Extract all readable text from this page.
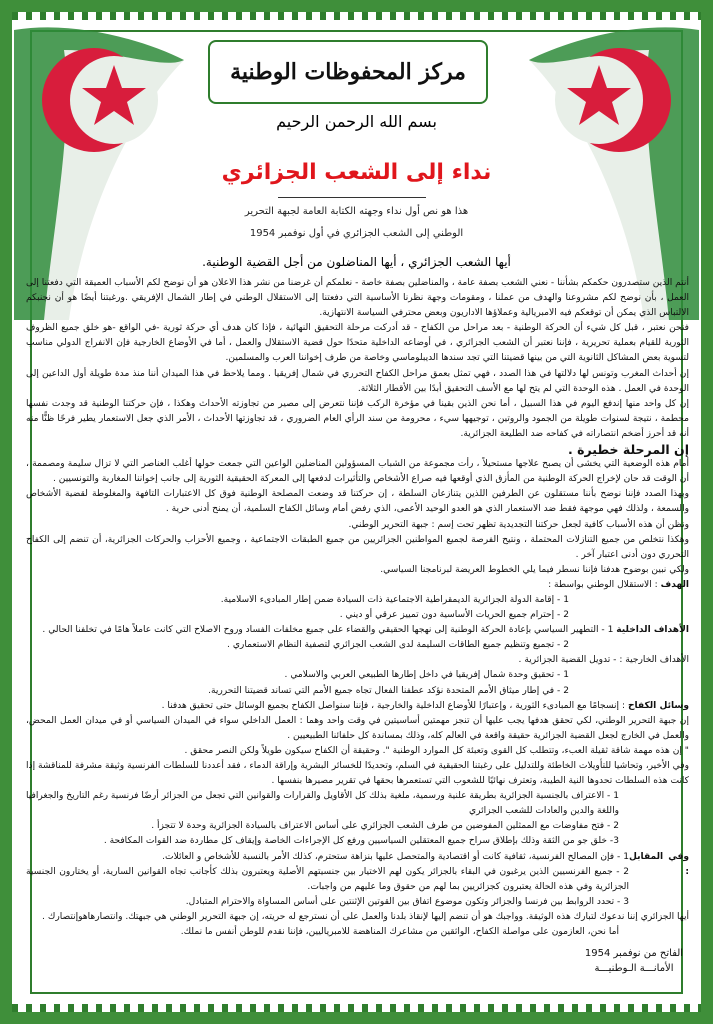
مركز المحفوظات الوطنية
بسم الله الرحمن الرحيم
نداء إلى الشعب الجزائري
هذا هو نص أول نداء وجهته الكتابة العامة لجبهة التحرير
الوطني إلى الشعب الجزائري في أول نوفمبر 1954
أيها الشعب الجزائري ، أيها المناضلون من أجل القضية الوطنية.

أنتم الذين ستصدرون حكمكم بشأننا - نعني الشعب بصفة عامة ، والمناضلين بصفة خاصة - نعلمكم أن غرضنا من نشر هذا الاعلان هو أن نوضح لكم الأسباب العميقة التي دفعتنا إلى العمل ، بأن نوضح لكم مشروعنا والهدف من عملنا ، ومقومات وجهة نظرنا الأساسية التي دفعتنا إلى الاستقلال الوطني في إطار الشمال الإفريقي .ورغبتنا أيضًا هو أن نجنبكم الالتباس الذي يمكن أن توقعكم فيه الامبريالية وعملاؤها الاداريون وبعض محترفي السياسة الانتهازية.

فنحن نعتبر ، قبل كل شيء أن الحركة الوطنية - بعد مراحل من الكفاح - قد أدركت مرحلة التحقيق النهائية ، فإذا كان هدف أي حركة ثورية -في الواقع -هو خلق جميع الظروف الثورية للقيام بعملية تحريرية ، فإننا نعتبر أن الشعب الجزائري ، في أوضاعه الداخلية متحدًا حول قضية الاستقلال والعمل ، أما في الأوضاع الخارجية فإن الانفراج الدولي مناسب لتسوية بعض المشاكل الثانوية التي من بينها قضيتنا التي تجد سندها الديبلوماسي وخاصة من طرف إخواننا العرب والمسلمين.

إن أحداث المغرب وتونس لها دلالتها في هذا الصدد ، فهي تمثل بعمق مراحل الكفاح التحرري في شمال إفريقيا . ومما يلاحظ في هذا الميدان أننا منذ مدة طويلة أول الداعين إلى الوحدة في العمل . هذه الوحدة التي لم يتح لها مع الأسف التحقيق أبدًا بين الأقطار الثلاثة.

إن كل واحد منها إندفع اليوم في هذا السبيل ، أما نحن الذين بقينا في مؤخرة الركب فإننا نتعرض إلى مصير من تجاوزته الأحداث وهكذا ، فإن حركتنا الوطنية قد وجدت نفسها محطمة ، نتيجة لسنوات طويلة من الجمود والروتين ، توجيهها سيء ، محرومة من سند الرأي العام الضروري ، قد تجاوزتها الأحداث ، الأمر الذي جعل الاستعمار يطير فرحًا ظنًّا منه أنه قد أحرز أضخم انتصاراته في كفاحه ضد الطليعة الجزائرية.

إن المرحلة خطيرة .

أمام هذه الوضعية التي يخشى أن يصبح علاجها مستحيلاً ، رأت مجموعة من الشباب المسؤولين المناضلين الواعين التي جمعت حولها أغلب العناصر التي لا تزال سليمة ومصممة ، أن الوقت قد حان لإخراج الحركة الوطنية من المأزق الذي أوقعها فيه صراع الأشخاص والتأثيرات لدفعها إلى المعركة الحقيقية الثورية إلى جانب إخواننا المغاربة والتونسيين .

وبهذا الصدد فإننا نوضح بأننا مستقلون عن الطرفين اللذين يتنازعان السلطة ، إن حركتنا قد وضعت المصلحة الوطنية فوق كل الاعتبارات التافهة والمغلوطة لقضية الأشخاص والسمعة ، ولذلك فهي موجهة فقط ضد الاستعمار الذي هو العدو الوحيد الأعمى، الذي رفض أمام وسائل الكفاح السلمية، أن يمنح أدنى حرية .

ونظن أن هذه الأسباب كافية لجعل حركتنا التجديدية تظهر تحت إسم : جبهة التحرير الوطني.

وهكذا نتخلص من جميع التنازلات المحتملة ، ونتيح الفرصة لجميع المواطنين الجزائريين من جميع الطبقات الاجتماعية ، وجميع الأحزاب والحركات الجزائرية، أن تنضم إلى الكفاح التحرري دون أدنى اعتبار آخر .

ولكي نبين بوضوح هدفنا فإننا نسطر فيما يلي الخطوط العريضة لبرنامجنا السياسي.

الهدف : الاستقلال الوطني بواسطة :

1 - إقامة الدولة الجزائرية الديمقراطية الاجتماعية ذات السيادة ضمن إطار المبادىء الاسلامية.

2 - إحترام جميع الحريات الأساسية دون تمييز عرقي أو ديني .

الأهداف الداخلية 1 - التطهير السياسي بإعادة الحركة الوطنية إلى نهجها الحقيقي والقضاء على جميع مخلفات الفساد وروح الاصلاح التي كانت عاملاً هامًا في تخلفنا الحالي .

2 - تجميع وتنظيم جميع الطاقات السليمة لدى الشعب الجزائري لتصفية النظام الاستعماري .

الأهداف الخارجية : - تدويل القضية الجزائرية .

1 - تحقيق وحدة شمال إفريقيا في داخل إطارها الطبيعي العربي والاسلامي .

2 - في إطار ميثاق الأمم المتحدة نؤكد عطفنا الفعال تجاه جميع الأمم التي تساند قضيتنا التحررية.

وسائل الكفاح : إنسجامًا مع المبادىء الثورية ، وإعتبارًا للأوضاع الداخلية والخارجية ، فإننا سنواصل الكفاح بجميع الوسائل حتى تحقيق هدفنا .

إن جبهة التحرير الوطني، لكي تحقق هدفها يجب عليها أن تنجز مهمتين أساسيتين في وقت واحد وهما : العمل الداخلي سواء في الميدان السياسي أو في ميدان العمل المحض، والعمل في الخارج لجعل القضية الجزائرية حقيقة واقعة في العالم كله، وذلك بمساندة كل حلفائنا الطبيعيين .

" إن هذه مهمة شاقة ثقيلة العبء، وتتطلب كل القوى وتعبئة كل الموارد الوطنية ". وحقيقة أن الكفاح سيكون طويلاً ولكن النصر محقق .

وفي الأخير، وتحاشيا للتأويلات الخاطئة وللتدليل على رغبتنا الحقيقية في السلم، وتحديدًا للخسائر البشرية وإراقة الدماء ، فقد أعددنا للسلطات الفرنسية وثيقة مشرفة للمناقشة إذا كانت هذه السلطات تحدوها النية الطيبة، وتعترف نهائيًا للشعوب التي تستعمرها بحقها في تقرير مصيرها بنفسها .

1 - الاعتراف بالجنسية الجزائرية بطريقة علنية ورسمية، ملغية بذلك كل الأقاويل والقرارات والقوانين التي تجعل من الجزائر أرضًا فرنسية رغم التاريخ والجغرافيا واللغة والدين والعادات للشعب الجزائري

2 - فتح مفاوضات مع الممثلين المفوضين من طرف الشعب الجزائري على أساس الاعتراف بالسيادة الجزائرية وحدة لا تتجزأ .

3- خلق جو من الثقة وذلك بإطلاق سراح جميع المعتقلين السياسيين ورفع كل الإجراءات الخاصة وإيقاف كل مطاردة ضد القوات المكافحة .

وفي المقابل :

1 - فإن المصالح الفرنسية، ثقافية كانت أو اقتصادية والمتحصل عليها بنزاهة ستحترم، كذلك الأمر بالنسبة للأشخاص و العائلات.

2 - جميع الفرنسيين الذين يرغبون في البقاء بالجزائر يكون لهم الاختيار بين جنسيتهم الأصلية ويعتبرون بذلك كأجانب تجاه القوانين السارية، أو يختارون الجنسية الجزائرية وفي هذه الحالة يعتبرون كجزائريين بما لهم من حقوق وما عليهم من واجبات.

3 - تحدد الروابط بين فرنسا والجزائر وتكون موضوع اتفاق بين القوتين الإثنتين على أساس المساواة والاحترام المتبادل.

أيها الجزائري إننا ندعوك لتبارك هذه الوثيقة. وواجبك هو أن تنضم إليها لإنقاذ بلدنا والعمل على أن نسترجع له حريته، إن جبهة التحرير الوطني هي جبهتك. وانتصارهاهوإنتصارك .

أما نحن، العازمون على مواصلة الكفاح، الواثقين من مشاعرك المناهضة للامبرياليين، فإننا نقدم للوطن أنفس ما نملك.

الفاتح من نوفمبر 1954
الأمانـــة الـوطنيـــة
